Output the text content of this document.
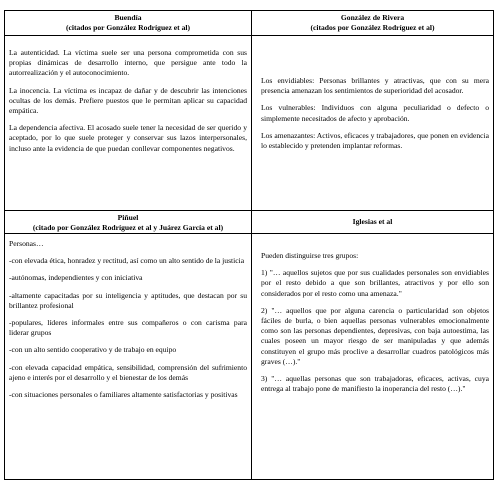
Buendía
(citados por González Rodríguez et al)
González de Rivera
(citados por González Rodríguez et al)

La autenticidad. La víctima suele ser una persona comprometida con sus propias dinámicas de desarrollo interno, que persigue ante todo la autorrealización y el autoconocimiento.

La inocencia. La víctima es incapaz de dañar y de descubrir las intenciones ocultas de los demás. Prefiere puestos que le permitan aplicar su capacidad empática.

La dependencia afectiva. El acosado suele tener la necesidad de ser querido y aceptado, por lo que suele proteger y conservar sus lazos interpersonales, incluso ante la evidencia de que puedan conllevar componentes negativos.

Los envidiables: Personas brillantes y atractivas, que con su mera presencia amenazan los sentimientos de superioridad del acosador.

Los vulnerables: Individuos con alguna peculiaridad o defecto o simplemente necesitados de afecto y aprobación.

Los amenazantes: Activos, eficaces y trabajadores, que ponen en evidencia lo establecido y pretenden implantar reformas.

Piñuel
(citado por González Rodríguez et al y Juárez García et al)
Iglesias et al

Personas…

-con elevada ética, honradez y rectitud, así como un alto sentido de la justicia

-autónomas, independientes y con iniciativa

-altamente capacitadas por su inteligencia y aptitudes, que destacan por su brillantez profesional

-populares, líderes informales entre sus compañeros o con carisma para liderar grupos

-con un alto sentido cooperativo y de trabajo en equipo

-con elevada capacidad empática, sensibilidad, comprensión del sufrimiento ajeno e interés por el desarrollo y el bienestar de los demás

-con situaciones personales o familiares altamente satisfactorias y positivas

Pueden distinguirse tres grupos:

1) "… aquellos sujetos que por sus cualidades personales son envidiables por el resto debido a que son brillantes, atractivos y por ello son considerados por el resto como una amenaza."

2) "… aquellos que por alguna carencia o particularidad son objetos fáciles de burla, o bien aquellas personas vulnerables emocionalmente como son las personas dependientes, depresivas, con baja autoestima, las cuales poseen un mayor riesgo de ser manipuladas y que además constituyen el grupo más proclive a desarrollar cuadros patológicos más graves (…)."

3) "… aquellas personas que son trabajadoras, eficaces, activas, cuya entrega al trabajo pone de manifiesto la inoperancia del resto (…)."
